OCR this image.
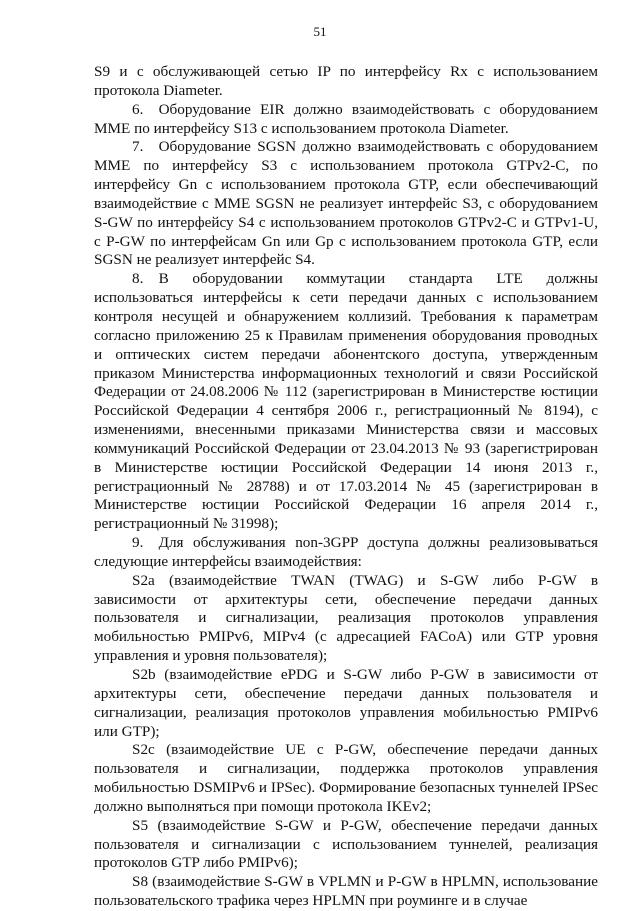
51

S9 и с обслуживающей сетью IP по интерфейсу Rx с использованием протокола Diameter.

6. Оборудование EIR должно взаимодействовать с оборудованием MME по интерфейсу S13 с использованием протокола Diameter.

7. Оборудование SGSN должно взаимодействовать с оборудованием MME по интерфейсу S3 с использованием протокола GTPv2-C, по интерфейсу Gn с использованием протокола GTP, если обеспечивающий взаимодействие с MME SGSN не реализует интерфейс S3, с оборудованием S-GW по интерфейсу S4 с использованием протоколов GTPv2-C и GTPv1-U, с P-GW по интерфейсам Gn или Gp с использованием протокола GTP, если SGSN не реализует интерфейс S4.

8. В оборудовании коммутации стандарта LTE должны использоваться интерфейсы к сети передачи данных с использованием контроля несущей и обнаружением коллизий. Требования к параметрам согласно приложению 25 к Правилам применения оборудования проводных и оптических систем передачи абонентского доступа, утвержденным приказом Министерства информационных технологий и связи Российской Федерации от 24.08.2006 № 112 (зарегистрирован в Министерстве юстиции Российской Федерации 4 сентября 2006 г., регистрационный № 8194), с изменениями, внесенными приказами Министерства связи и массовых коммуникаций Российской Федерации от 23.04.2013 № 93 (зарегистрирован в Министерстве юстиции Российской Федерации 14 июня 2013 г., регистрационный № 28788) и от 17.03.2014 № 45 (зарегистрирован в Министерстве юстиции Российской Федерации 16 апреля 2014 г., регистрационный № 31998);

9. Для обслуживания non-3GPP доступа должны реализовываться следующие интерфейсы взаимодействия:

S2a (взаимодействие TWAN (TWAG) и S-GW либо P-GW в зависимости от архитектуры сети, обеспечение передачи данных пользователя и сигнализации, реализация протоколов управления мобильностью PMIPv6, MIPv4 (с адресацией FACoA) или GTP уровня управления и уровня пользователя);

S2b (взаимодействие ePDG и S-GW либо P-GW в зависимости от архитектуры сети, обеспечение передачи данных пользователя и сигнализации, реализация протоколов управления мобильностью PMIPv6 или GTP);

S2c (взаимодействие UE с P-GW, обеспечение передачи данных пользователя и сигнализации, поддержка протоколов управления мобильностью DSMIPv6 и IPSec). Формирование безопасных туннелей IPSec должно выполняться при помощи протокола IKEv2;

S5 (взаимодействие S-GW и P-GW, обеспечение передачи данных пользователя и сигнализации с использованием туннелей, реализация протоколов GTP либо PMIPv6);

S8 (взаимодействие S-GW в VPLMN и P-GW в HPLMN, использование пользовательского трафика через HPLMN при роуминге и в случае
